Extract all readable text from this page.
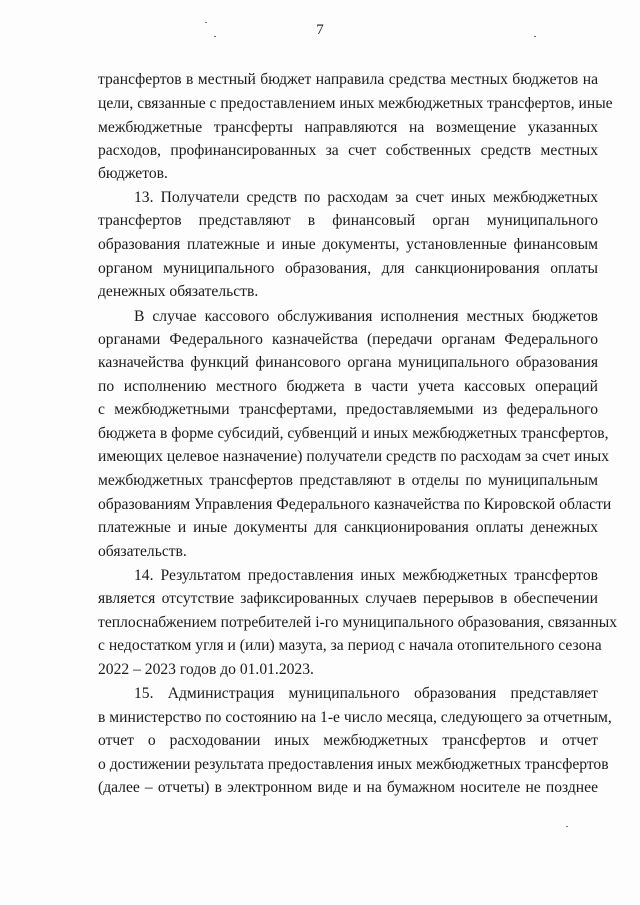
7
трансфертов в местный бюджет направила средства местных бюджетов на
цели, связанные с предоставлением иных межбюджетных трансфертов, иные
межбюджетные трансферты направляются на возмещение указанных
расходов, профинансированных за счет собственных средств местных
бюджетов.
13. Получатели средств по расходам за счет иных межбюджетных
трансфертов представляют в финансовый орган муниципального
образования платежные и иные документы, установленные финансовым
органом муниципального образования, для санкционирования оплаты
денежных обязательств.
В случае кассового обслуживания исполнения местных бюджетов
органами Федерального казначейства (передачи органам Федерального
казначейства функций финансового органа муниципального образования
по исполнению местного бюджета в части учета кассовых операций
с межбюджетными трансфертами, предоставляемыми из федерального
бюджета в форме субсидий, субвенций и иных межбюджетных трансфертов,
имеющих целевое назначение) получатели средств по расходам за счет иных
межбюджетных трансфертов представляют в отделы по муниципальным
образованиям Управления Федерального казначейства по Кировской области
платежные и иные документы для санкционирования оплаты денежных
обязательств.
14. Результатом предоставления иных межбюджетных трансфертов
является отсутствие зафиксированных случаев перерывов в обеспечении
теплоснабжением потребителей i-го муниципального образования, связанных
с недостатком угля и (или) мазута, за период с начала отопительного сезона
2022 – 2023 годов до 01.01.2023.
15. Администрация муниципального образования представляет
в министерство по состоянию на 1-е число месяца, следующего за отчетным,
отчет о расходовании иных межбюджетных трансфертов и отчет
о достижении результата предоставления иных межбюджетных трансфертов
(далее – отчеты) в электронном виде и на бумажном носителе не позднее
